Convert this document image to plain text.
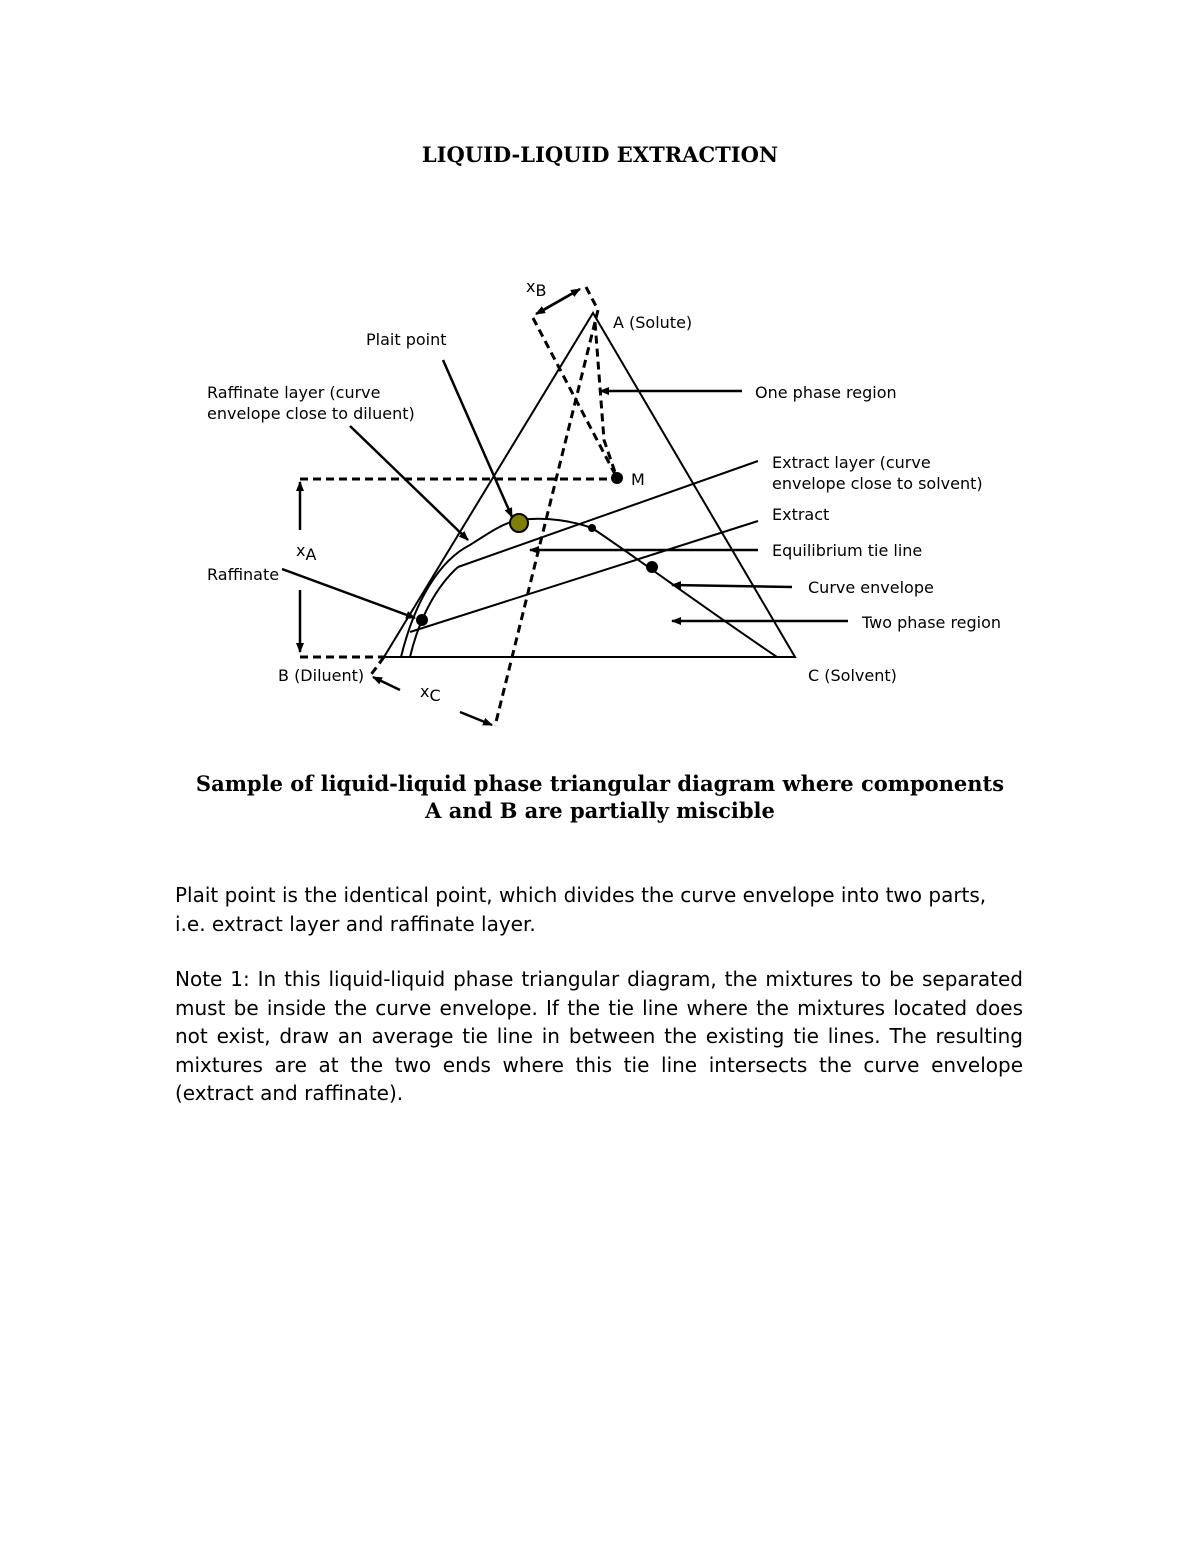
LIQUID-LIQUID EXTRACTION
xB
A (Solute)
Plait point
Raffinate layer (curve
envelope close to diluent)
One phase region
M
Extract layer (curve
envelope close to solvent)
Extract
Equilibrium tie line
Curve envelope
Two phase region
xA
Raffinate
B (Diluent)	C (Solvent)
xC
Sample of liquid-liquid phase triangular diagram where components
A and B are partially miscible
Plait point is the identical point, which divides the curve envelope into two parts, i.e. extract layer and raffinate layer.
Note 1: In this liquid-liquid phase triangular diagram, the mixtures to be separated must be inside the curve envelope. If the tie line where the mixtures located does not exist, draw an average tie line in between the existing tie lines. The resulting mixtures are at the two ends where this tie line intersects the curve envelope (extract and raffinate).
